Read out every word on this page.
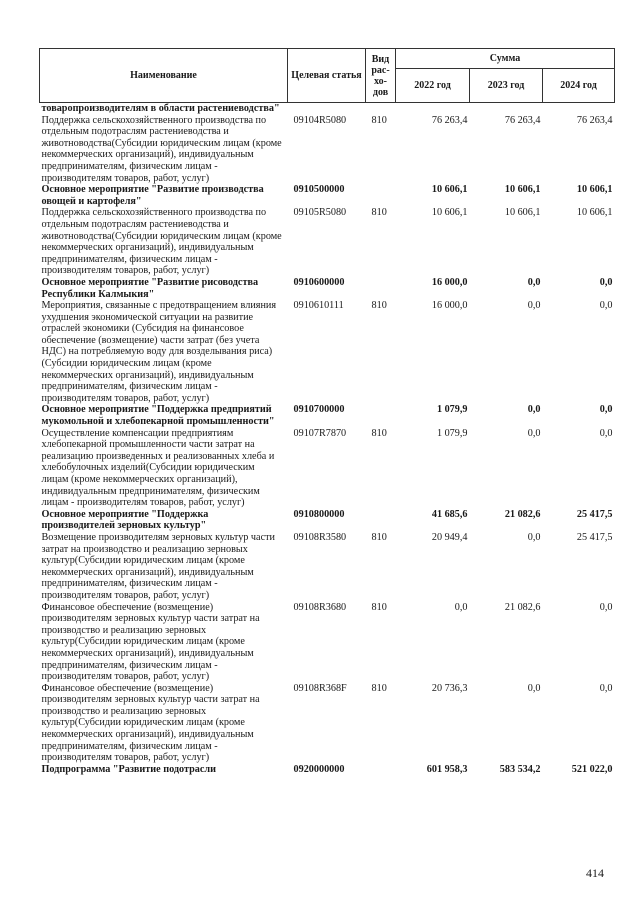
Наименование	Целевая статья	Вид рас- хо- дов	Сумма		
			2022 год	2023 год	2024 год
товаропроизводителям в области растениеводства"					
Поддержка сельскохозяйственного производства по отдельным подотраслям растениеводства и животноводства(Субсидии юридическим лицам (кроме некоммерческих организаций), индивидуальным предпринимателям, физическим лицам - производителям товаров, работ, услуг)	09104R5080	810	76 263,4	76 263,4	76 263,4
Основное мероприятие "Развитие производства овощей и картофеля"	0910500000		10 606,1	10 606,1	10 606,1
Поддержка сельскохозяйственного производства по отдельным подотраслям растениеводства и животноводства(Субсидии юридическим лицам (кроме некоммерческих организаций), индивидуальным предпринимателям, физическим лицам - производителям товаров, работ, услуг)	09105R5080	810	10 606,1	10 606,1	10 606,1
Основное мероприятие "Развитие рисоводства Республики Калмыкия"	0910600000		16 000,0	0,0	0,0
Мероприятия, связанные с предотвращением влияния ухудшения экономической ситуации на развитие отраслей экономики (Субсидия на финансовое обеспечение (возмещение) части затрат (без учета НДС) на потребляемую воду для возделывания риса)(Субсидии юридическим лицам (кроме некоммерческих организаций), индивидуальным предпринимателям, физическим лицам - производителям товаров, работ, услуг)	0910610111	810	16 000,0	0,0	0,0
Основное мероприятие "Поддержка предприятий мукомольной и хлебопекарной промышленности"	0910700000		1 079,9	0,0	0,0
Осуществление компенсации предприятиям хлебопекарной промышленности части затрат на реализацию произведенных и реализованных хлеба и хлебобулочных изделий(Субсидии юридическим лицам (кроме некоммерческих организаций), индивидуальным предпринимателям, физическим лицам - производителям товаров, работ, услуг)	09107R7870	810	1 079,9	0,0	0,0
Основное мероприятие "Поддержка производителей зерновых культур"	0910800000		41 685,6	21 082,6	25 417,5
Возмещение производителям зерновых культур части затрат на производство и реализацию зерновых культур(Субсидии юридическим лицам (кроме некоммерческих организаций), индивидуальным предпринимателям, физическим лицам - производителям товаров, работ, услуг)	09108R3580	810	20 949,4	0,0	25 417,5
Финансовое обеспечение (возмещение) производителям зерновых культур части затрат на производство и реализацию зерновых культур(Субсидии юридическим лицам (кроме некоммерческих организаций), индивидуальным предпринимателям, физическим лицам - производителям товаров, работ, услуг)	09108R3680	810	0,0	21 082,6	0,0
Финансовое обеспечение (возмещение) производителям зерновых культур части затрат на производство и реализацию зерновых культур(Субсидии юридическим лицам (кроме некоммерческих организаций), индивидуальным предпринимателям, физическим лицам - производителям товаров, работ, услуг)	09108R368F	810	20 736,3	0,0	0,0
Подпрограмма "Развитие подотрасли	0920000000		601 958,3	583 534,2	521 022,0
414
